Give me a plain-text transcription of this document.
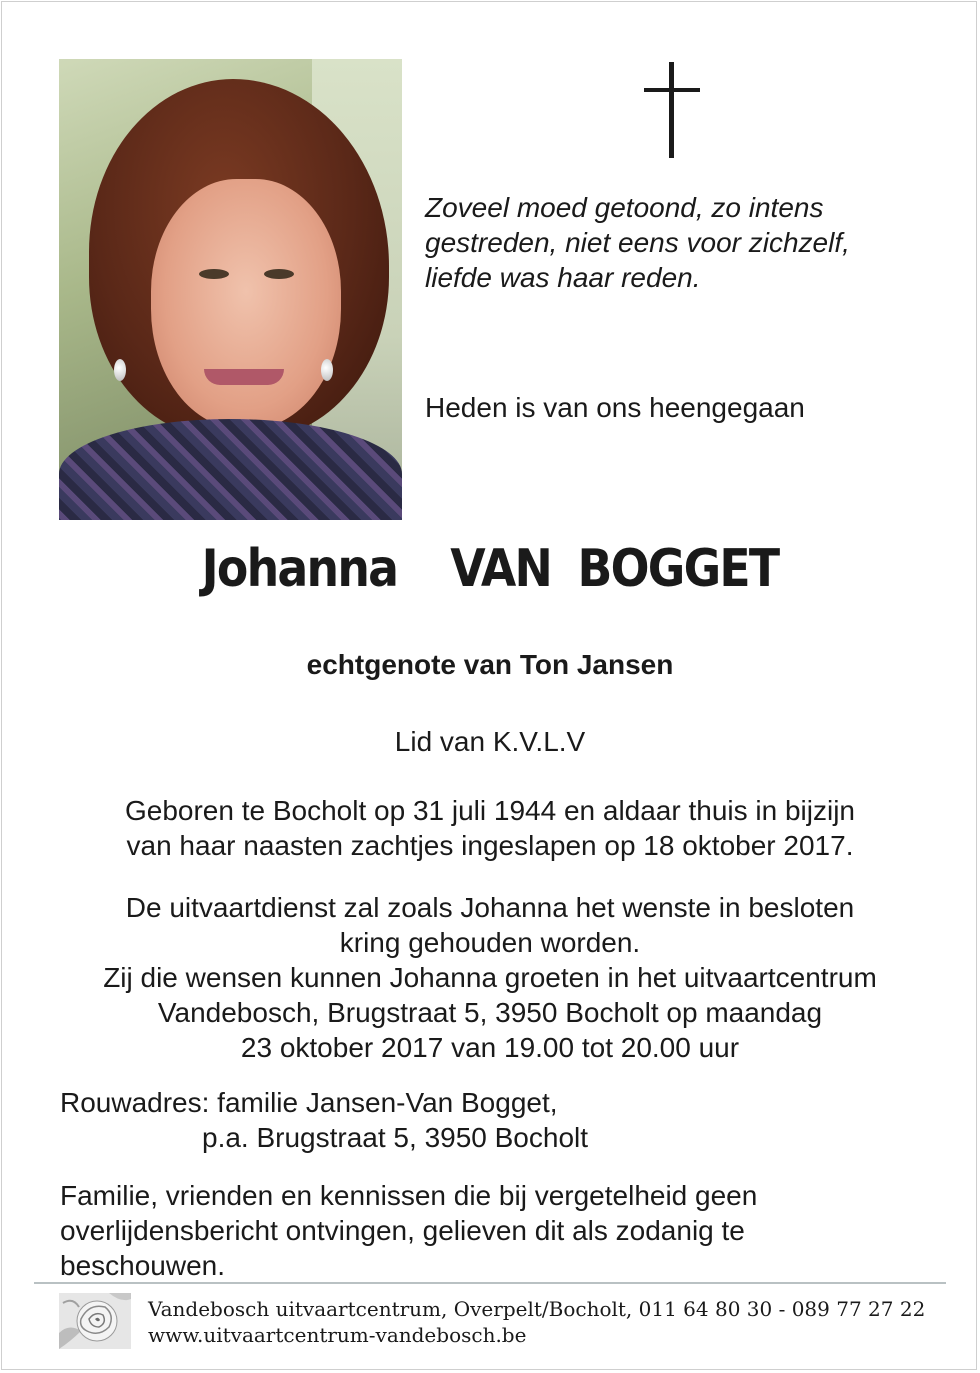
Zoveel moed getoond, zo intens
gestreden, niet eens voor zichzelf,
liefde was haar reden.
Heden is van ons heengegaan
Johanna  VAN BOGGET
echtgenote van Ton Jansen
Lid van K.V.L.V
Geboren te Bocholt op 31 juli 1944 en aldaar thuis in bijzijn
van haar naasten zachtjes ingeslapen op 18 oktober 2017.
De uitvaartdienst zal zoals Johanna het wenste in besloten
kring gehouden worden.
Zij die wensen kunnen Johanna groeten in het uitvaartcentrum
Vandebosch, Brugstraat 5, 3950 Bocholt op maandag
23 oktober 2017 van 19.00 tot 20.00 uur
Rouwadres: familie Jansen-Van Bogget,
p.a. Brugstraat 5, 3950 Bocholt
Familie, vrienden en kennissen die bij vergetelheid geen
overlijdensbericht ontvingen, gelieven dit als zodanig te
beschouwen.
Vandebosch uitvaartcentrum, Overpelt/Bocholt, 011 64 80 30 - 089 77 27 22
www.uitvaartcentrum-vandebosch.be
